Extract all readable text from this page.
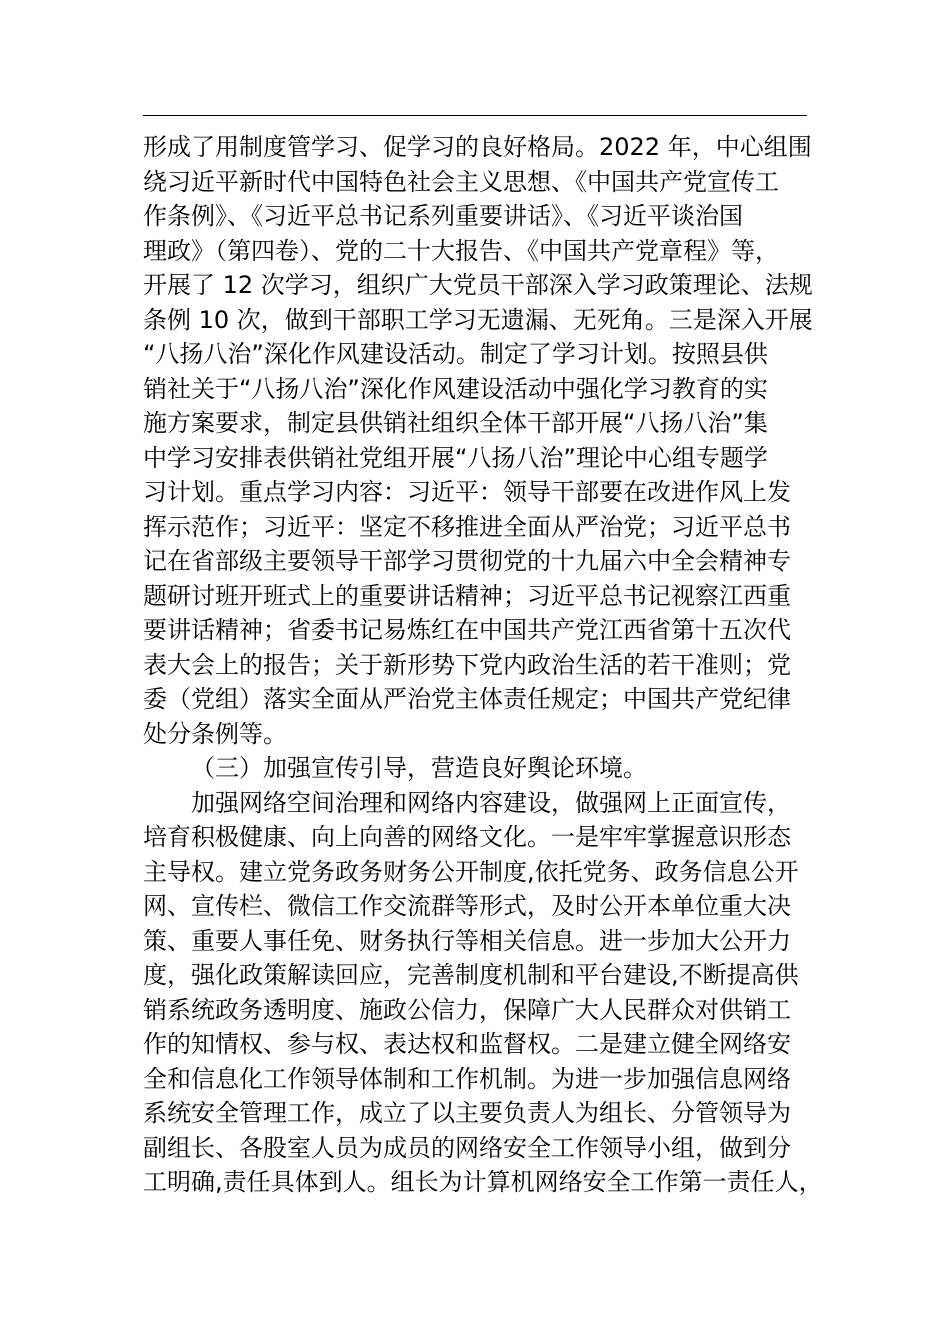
形成了用制度管学习、促学习的良好格局。2022 年，中心组围
绕习近平新时代中国特色社会主义思想、《中国共产党宣传工
作条例》、《习近平总书记系列重要讲话》、《习近平谈治国
理政》（第四卷）、党的二十大报告、《中国共产党章程》等，
开展了 12 次学习，组织广大党员干部深入学习政策理论、法规
条例 10 次，做到干部职工学习无遗漏、无死角。三是深入开展
“八扬八治”深化作风建设活动。制定了学习计划。按照县供
销社关于“八扬八治”深化作风建设活动中强化学习教育的实
施方案要求，制定县供销社组织全体干部开展“八扬八治”集
中学习安排表供销社党组开展“八扬八治”理论中心组专题学
习计划。重点学习内容：习近平：领导干部要在改进作风上发
挥示范作；习近平：坚定不移推进全面从严治党；习近平总书
记在省部级主要领导干部学习贯彻党的十九届六中全会精神专
题研讨班开班式上的重要讲话精神；习近平总书记视察江西重
要讲话精神；省委书记易炼红在中国共产党江西省第十五次代
表大会上的报告；关于新形势下党内政治生活的若干准则；党
委（党组）落实全面从严治党主体责任规定；中国共产党纪律
处分条例等。
（三）加强宣传引导，营造良好舆论环境。
加强网络空间治理和网络内容建设，做强网上正面宣传，
培育积极健康、向上向善的网络文化。一是牢牢掌握意识形态
主导权。建立党务政务财务公开制度,依托党务、政务信息公开
网、宣传栏、微信工作交流群等形式，及时公开本单位重大决
策、重要人事任免、财务执行等相关信息。进一步加大公开力
度，强化政策解读回应，完善制度机制和平台建设,不断提高供
销系统政务透明度、施政公信力，保障广大人民群众对供销工
作的知情权、参与权、表达权和监督权。二是建立健全网络安
全和信息化工作领导体制和工作机制。为进一步加强信息网络
系统安全管理工作，成立了以主要负责人为组长、分管领导为
副组长、各股室人员为成员的网络安全工作领导小组，做到分
工明确,责任具体到人。组长为计算机网络安全工作第一责任人，
